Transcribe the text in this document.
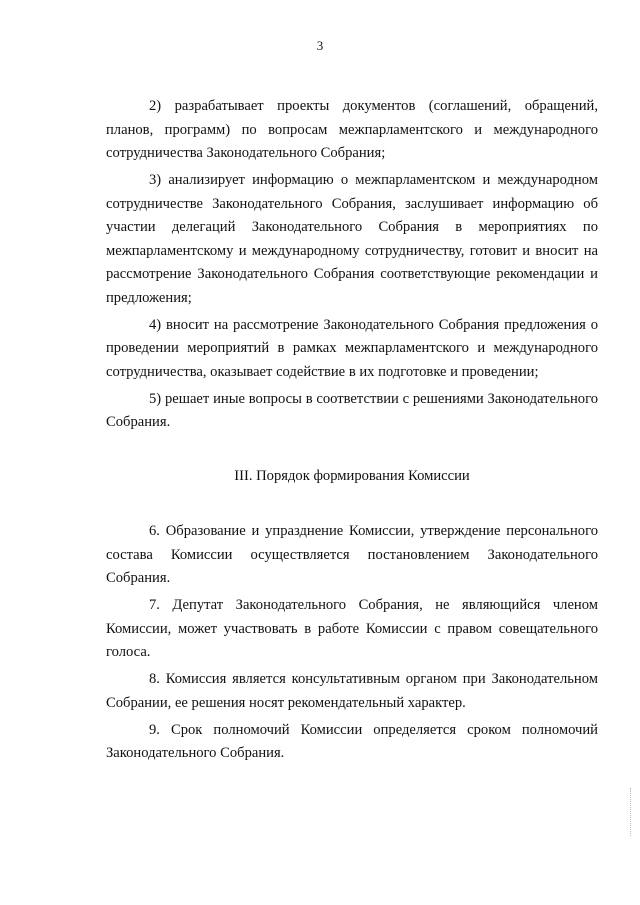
3

2) разрабатывает проекты документов (соглашений, обращений, планов, программ) по вопросам межпарламентского и международного сотрудничества Законодательного Собрания;

3) анализирует информацию о межпарламентском и международном сотрудничестве Законодательного Собрания, заслушивает информацию об участии делегаций Законодательного Собрания в мероприятиях по межпарламентскому и международному сотрудничеству, готовит и вносит на рассмотрение Законодательного Собрания соответствующие рекомендации и предложения;

4) вносит на рассмотрение Законодательного Собрания предложения о проведении мероприятий в рамках межпарламентского и международного сотрудничества, оказывает содействие в их подготовке и проведении;

5) решает иные вопросы в соответствии с решениями Законодательного Собрания.

III. Порядок формирования Комиссии

6. Образование и упразднение Комиссии, утверждение персонального состава Комиссии осуществляется постановлением Законодательного Собрания.

7. Депутат Законодательного Собрания, не являющийся членом Комиссии, может участвовать в работе Комиссии с правом совещательного голоса.

8. Комиссия является консультативным органом при Законодательном Собрании, ее решения носят рекомендательный характер.

9. Срок полномочий Комиссии определяется сроком полномочий Законодательного Собрания.
